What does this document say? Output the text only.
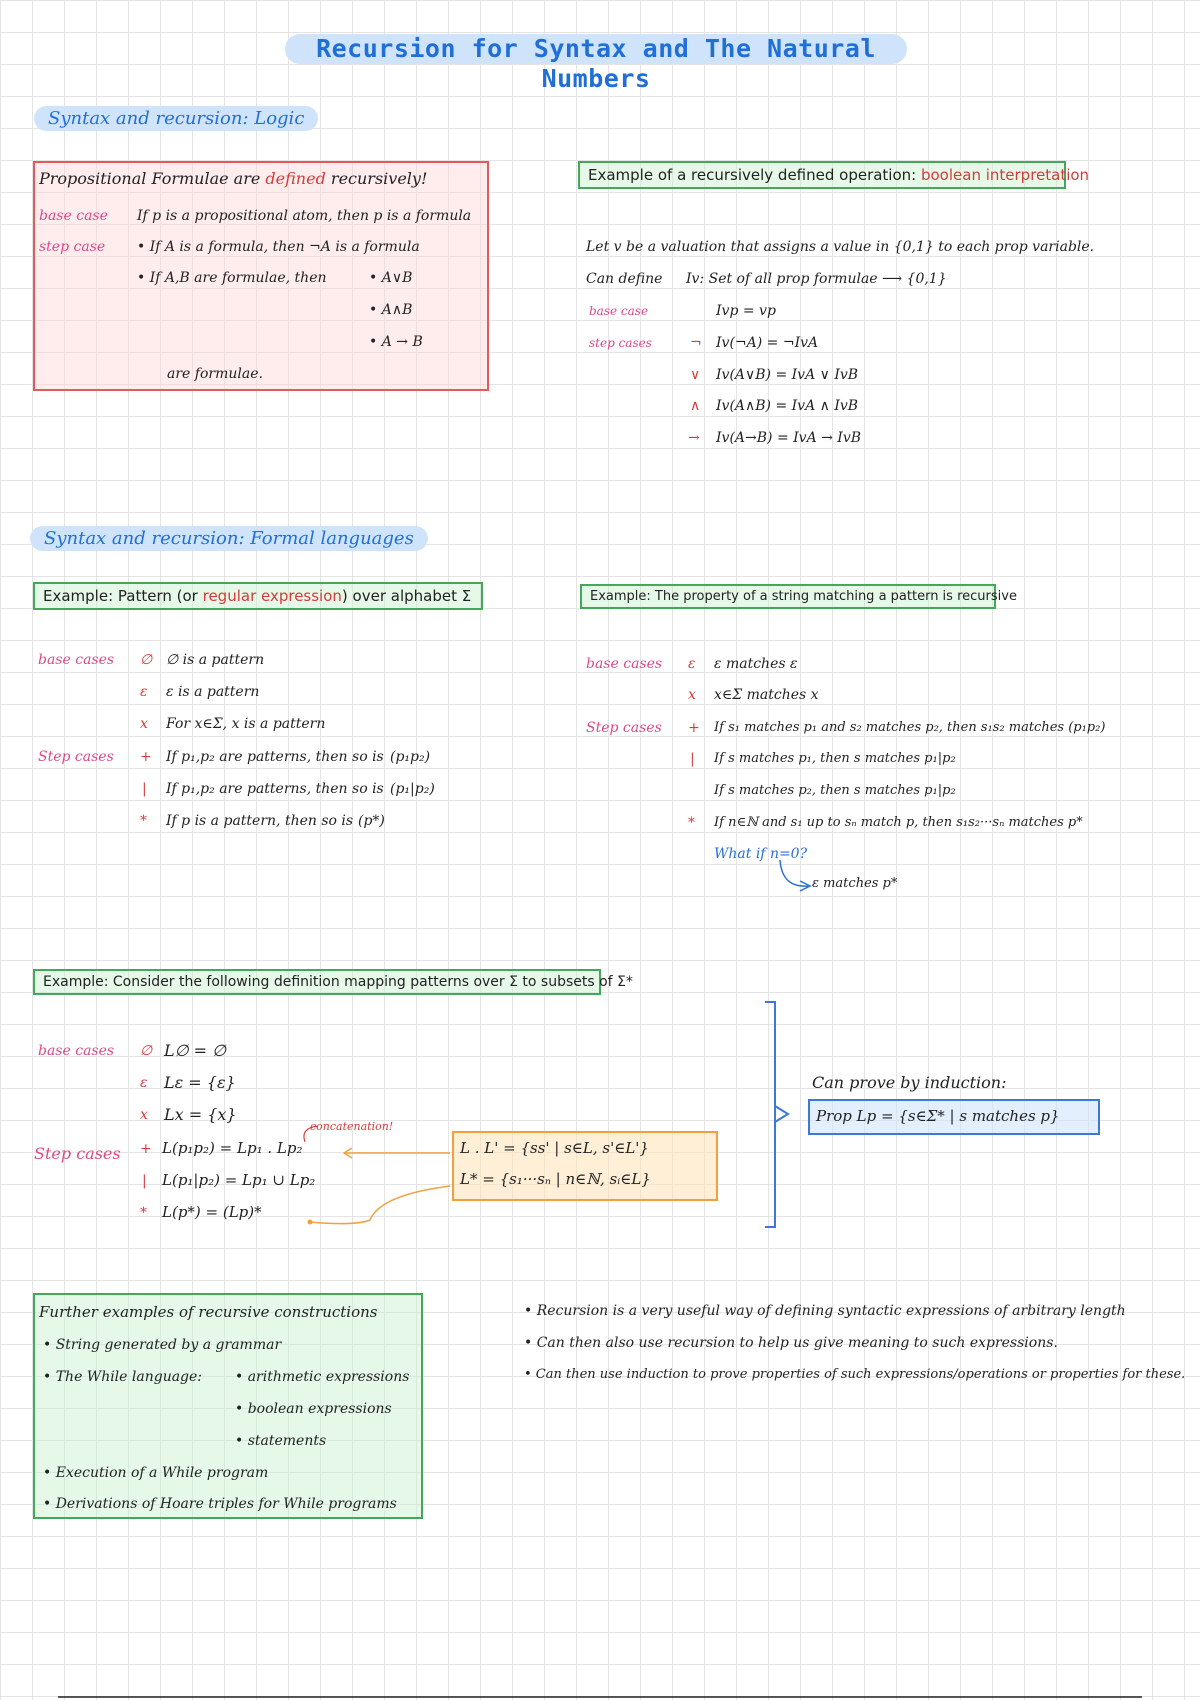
Recursion for Syntax and The Natural Numbers
Syntax and recursion: Logic
Propositional Formulae are defined recursively!
base case If p is a propositional atom, then p is a formula
step case • If A is a formula, then ¬A is a formula
• If A,B are formulae, then	• A∨B
• A∧B
• A → B
are formulae.
Example of a recursively defined operation: boolean interpretation
Let v be a valuation that assigns a value in {0,1} to each prop variable.
Can define Iv: Set of all prop formulae ⟶ {0,1}
base case	Ivp = vp
step cases	¬ Iv(¬A) = ¬IvA
∨ Iv(A∨B) = IvA ∨ IvB
∧ Iv(A∧B) = IvA ∧ IvB
→ Iv(A→B) = IvA → IvB
Syntax and recursion: Formal languages
Example: Pattern (or regular expression) over alphabet Σ
base cases ∅ ∅ is a pattern
ε ε is a pattern
x For x∈Σ, x is a pattern
Step cases + If p₁,p₂ are patterns, then so is (p₁p₂)
| If p₁,p₂ are patterns, then so is (p₁|p₂)
* If p is a pattern, then so is (p*)
Example: The property of a string matching a pattern is recursive
base cases ε ε matches ε
x x∈Σ matches x
Step cases + If s₁ matches p₁ and s₂ matches p₂, then s₁s₂ matches (p₁p₂)
| If s matches p₁, then s matches p₁|p₂
If s matches p₂, then s matches p₁|p₂
* If n∈ℕ and s₁ up to sₙ match p, then s₁s₂···sₙ matches p*
What if n=0?
ε matches p*
Example: Consider the following definition mapping patterns over Σ to subsets of Σ*
base cases ∅ L∅ = ∅
ε Lε = {ε}
x Lx = {x}
Step cases + L(p₁p₂) = Lp₁ . Lp₂
| L(p₁|p₂) = Lp₁ ∪ Lp₂
* L(p*) = (Lp)*
concatenation!
L . L' = {ss' | s∈L, s'∈L'}
L* = {s₁···sₙ | n∈ℕ, sᵢ∈L}
Can prove by induction:
Prop Lp = {s∈Σ* | s matches p}
Further examples of recursive constructions
• String generated by a grammar
• The While language: • arithmetic expressions
• boolean expressions
• statements
• Execution of a While program
• Derivations of Hoare triples for While programs
• Recursion is a very useful way of defining syntactic expressions of arbitrary length
• Can then also use recursion to help us give meaning to such expressions.
• Can then use induction to prove properties of such expressions/operations or properties for these.
